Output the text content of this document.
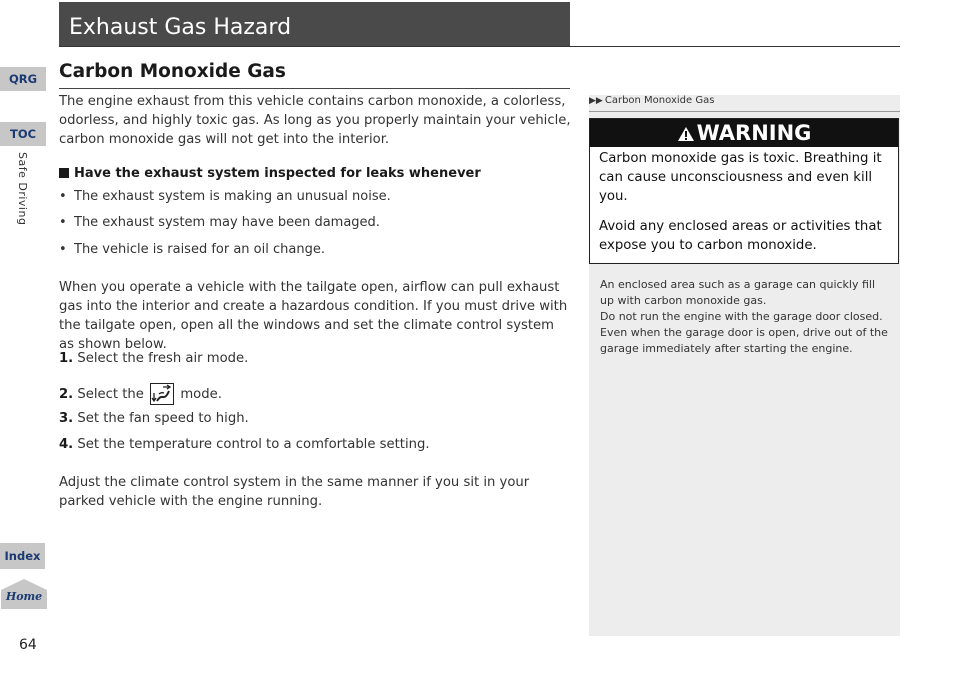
QRG
TOC
Safe Driving
Index
Home
64
Exhaust Gas Hazard
Carbon Monoxide Gas

The engine exhaust from this vehicle contains carbon monoxide, a colorless, odorless, and highly toxic gas. As long as you properly maintain your vehicle, carbon monoxide gas will not get into the interior.

Have the exhaust system inspected for leaks whenever
• The exhaust system is making an unusual noise.
• The exhaust system may have been damaged.
• The vehicle is raised for an oil change.

When you operate a vehicle with the tailgate open, airflow can pull exhaust gas into the interior and create a hazardous condition. If you must drive with the tailgate open, open all the windows and set the climate control system as shown below.

1. Select the fresh air mode.
2. Select the	mode.
3. Set the fan speed to high.
4. Set the temperature control to a comfortable setting.

Adjust the climate control system in the same manner if you sit in your parked vehicle with the engine running.

▶▶ Carbon Monoxide Gas
WARNING

Carbon monoxide gas is toxic. Breathing it can cause unconsciousness and even kill you.

Avoid any enclosed areas or activities that expose you to carbon monoxide.

An enclosed area such as a garage can quickly fill up with carbon monoxide gas.

Do not run the engine with the garage door closed. Even when the garage door is open, drive out of the garage immediately after starting the engine.
